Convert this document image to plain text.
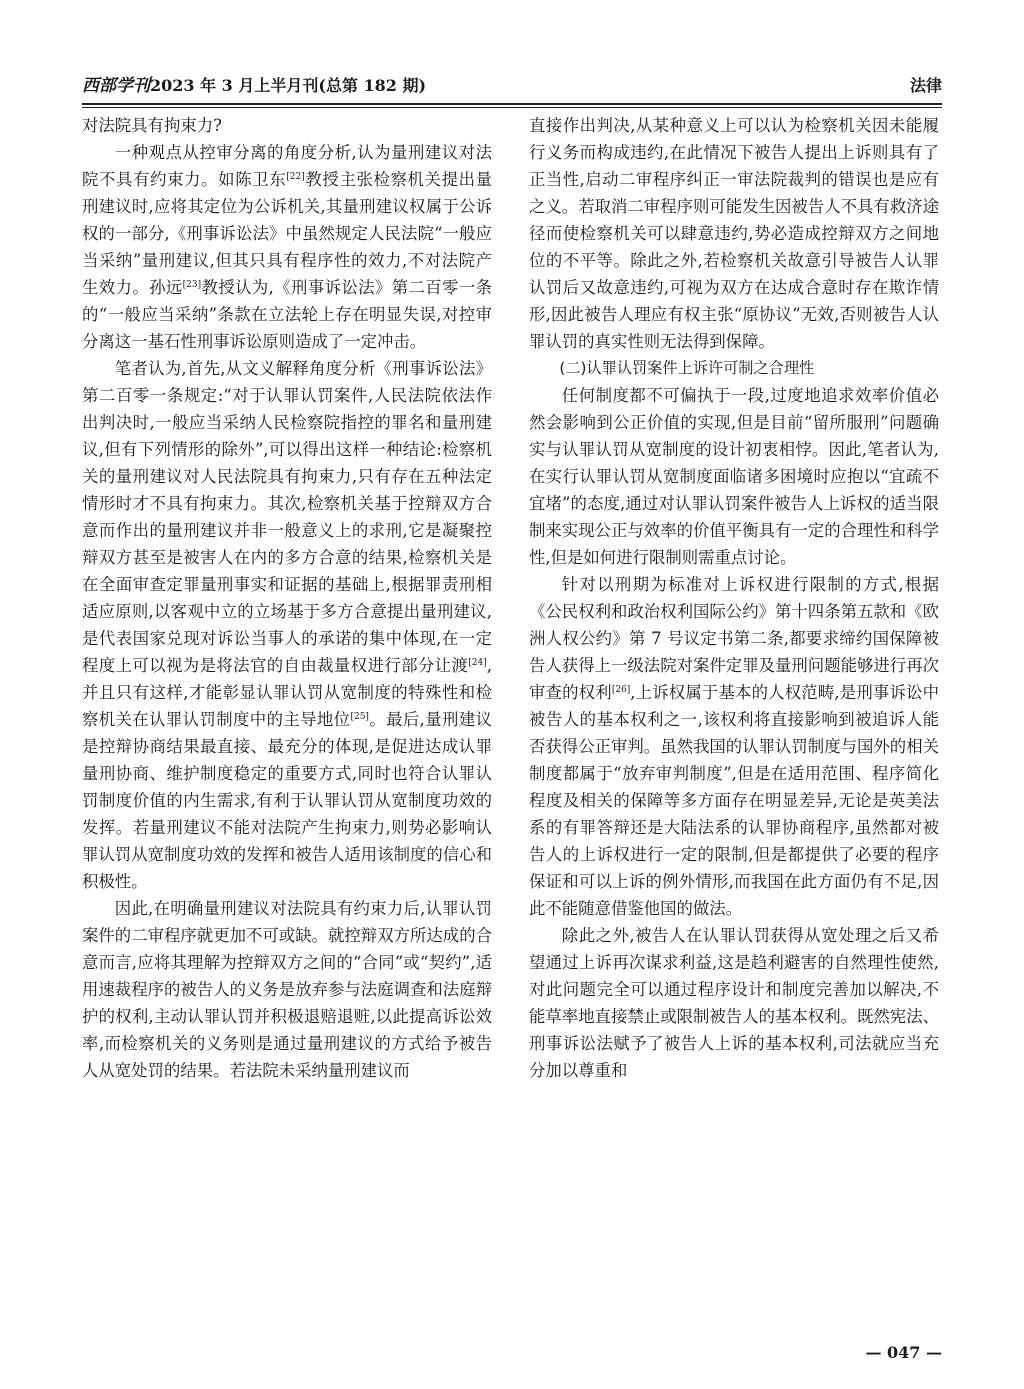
西部学刊2023 年 3 月上半月刊(总第 182 期)	法律

对法院具有拘束力?

一种观点从控审分离的角度分析,认为量刑建议对法院不具有约束力。如陈卫东[22]教授主张检察机关提出量刑建议时,应将其定位为公诉机关,其量刑建议权属于公诉权的一部分,《刑事诉讼法》中虽然规定人民法院“一般应当采纳”量刑建议,但其只具有程序性的效力,不对法院产生效力。孙远[23]教授认为,《刑事诉讼法》第二百零一条的“一般应当采纳”条款在立法轮上存在明显失误,对控审分离这一基石性刑事诉讼原则造成了一定冲击。

笔者认为,首先,从文义解释角度分析《刑事诉讼法》第二百零一条规定:“对于认罪认罚案件,人民法院依法作出判决时,一般应当采纳人民检察院指控的罪名和量刑建议,但有下列情形的除外”,可以得出这样一种结论:检察机关的量刑建议对人民法院具有拘束力,只有存在五种法定情形时才不具有拘束力。其次,检察机关基于控辩双方合意而作出的量刑建议并非一般意义上的求刑,它是凝聚控辩双方甚至是被害人在内的多方合意的结果,检察机关是在全面审查定罪量刑事实和证据的基础上,根据罪责刑相适应原则,以客观中立的立场基于多方合意提出量刑建议,是代表国家兑现对诉讼当事人的承诺的集中体现,在一定程度上可以视为是将法官的自由裁量权进行部分让渡[24],并且只有这样,才能彰显认罪认罚从宽制度的特殊性和检察机关在认罪认罚制度中的主导地位[25]。最后,量刑建议是控辩协商结果最直接、最充分的体现,是促进达成认罪量刑协商、维护制度稳定的重要方式,同时也符合认罪认罚制度价值的内生需求,有利于认罪认罚从宽制度功效的发挥。若量刑建议不能对法院产生拘束力,则势必影响认罪认罚从宽制度功效的发挥和被告人适用该制度的信心和积极性。

因此,在明确量刑建议对法院具有约束力后,认罪认罚案件的二审程序就更加不可或缺。就控辩双方所达成的合意而言,应将其理解为控辩双方之间的“合同”或“契约”,适用速裁程序的被告人的义务是放弃参与法庭调查和法庭辩护的权利,主动认罪认罚并积极退赔退赃,以此提高诉讼效率,而检察机关的义务则是通过量刑建议的方式给予被告人从宽处罚的结果。若法院未采纳量刑建议而

直接作出判决,从某种意义上可以认为检察机关因未能履行义务而构成违约,在此情况下被告人提出上诉则具有了正当性,启动二审程序纠正一审法院裁判的错误也是应有之义。若取消二审程序则可能发生因被告人不具有救济途径而使检察机关可以肆意违约,势必造成控辩双方之间地位的不平等。除此之外,若检察机关故意引导被告人认罪认罚后又故意违约,可视为双方在达成合意时存在欺诈情形,因此被告人理应有权主张“原协议”无效,否则被告人认罪认罚的真实性则无法得到保障。

(二)认罪认罚案件上诉许可制之合理性

任何制度都不可偏执于一段,过度地追求效率价值必然会影响到公正价值的实现,但是目前“留所服刑”问题确实与认罪认罚从宽制度的设计初衷相悖。因此,笔者认为,在实行认罪认罚从宽制度面临诸多困境时应抱以“宜疏不宜堵”的态度,通过对认罪认罚案件被告人上诉权的适当限制来实现公正与效率的价值平衡具有一定的合理性和科学性,但是如何进行限制则需重点讨论。

针对以刑期为标准对上诉权进行限制的方式,根据《公民权利和政治权利国际公约》第十四条第五款和《欧洲人权公约》第 7 号议定书第二条,都要求缔约国保障被告人获得上一级法院对案件定罪及量刑问题能够进行再次审查的权利[26],上诉权属于基本的人权范畴,是刑事诉讼中被告人的基本权利之一,该权利将直接影响到被追诉人能否获得公正审判。虽然我国的认罪认罚制度与国外的相关制度都属于“放弃审判制度”,但是在适用范围、程序简化程度及相关的保障等多方面存在明显差异,无论是英美法系的有罪答辩还是大陆法系的认罪协商程序,虽然都对被告人的上诉权进行一定的限制,但是都提供了必要的程序保证和可以上诉的例外情形,而我国在此方面仍有不足,因此不能随意借鉴他国的做法。

除此之外,被告人在认罪认罚获得从宽处理之后又希望通过上诉再次谋求利益,这是趋利避害的自然理性使然,对此问题完全可以通过程序设计和制度完善加以解决,不能草率地直接禁止或限制被告人的基本权利。既然宪法、刑事诉讼法赋予了被告人上诉的基本权利,司法就应当充分加以尊重和

— 047 —
